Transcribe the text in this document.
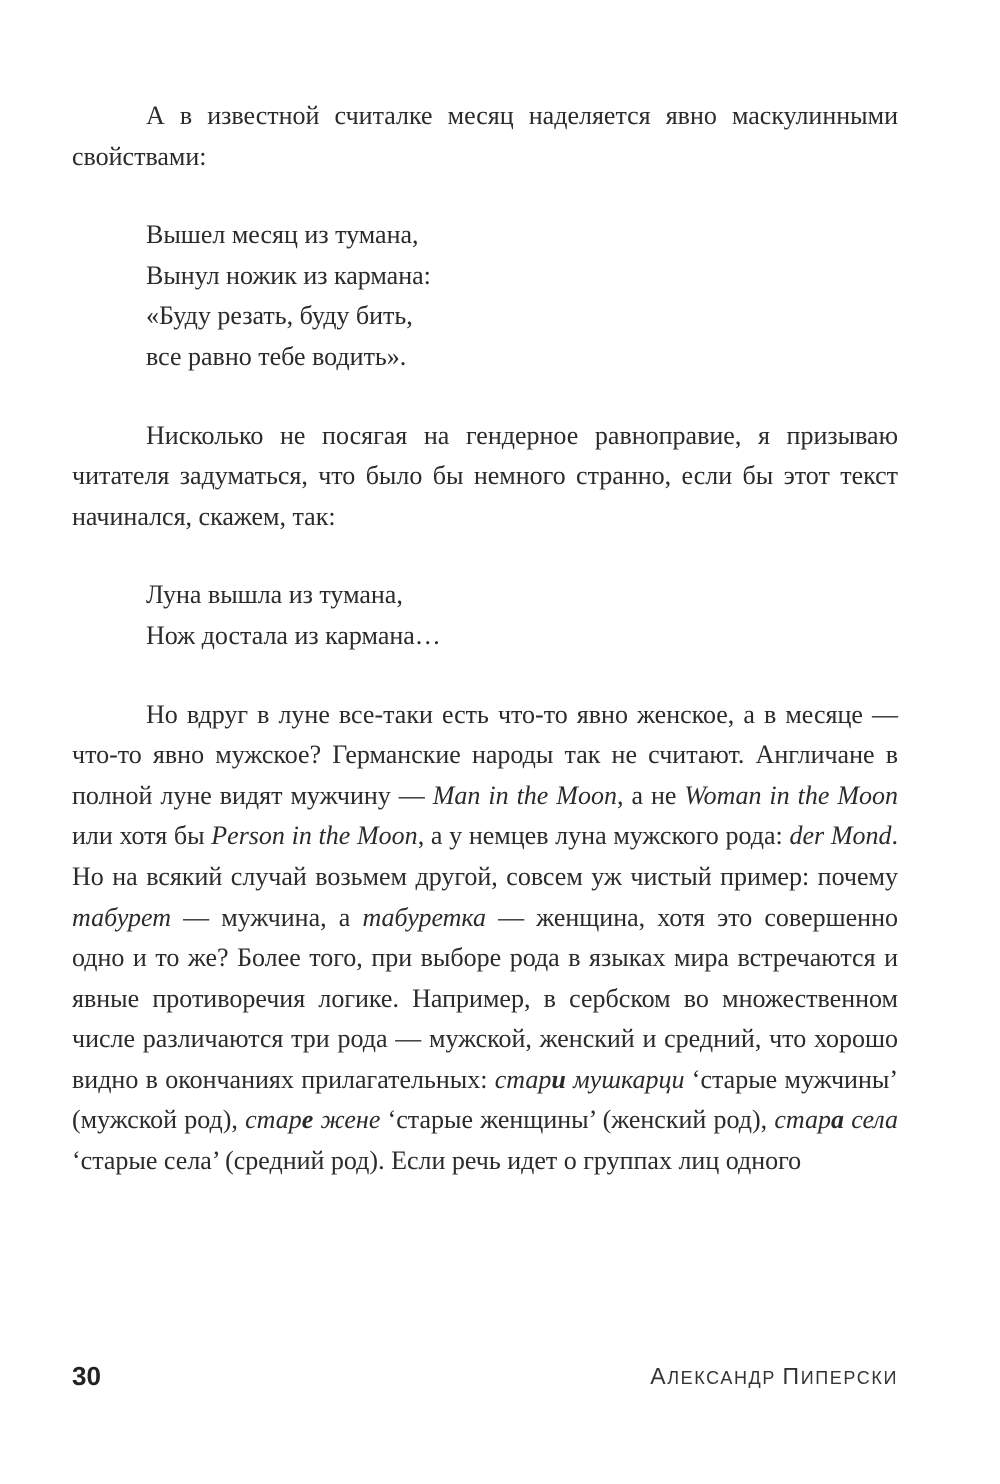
А в известной считалке месяц наделяется явно маскулинными свойствами:

Вышел месяц из тумана,
Вынул ножик из кармана:
«Буду резать, буду бить,
все равно тебе водить».

Нисколько не посягая на гендерное равноправие, я призываю читателя задуматься, что было бы немного странно, если бы этот текст начинался, скажем, так:

Луна вышла из тумана,
Нож достала из кармана…

Но вдруг в луне все-таки есть что-то явно женское, а в месяце — что-то явно мужское? Германские народы так не считают. Англичане в полной луне видят мужчину — Man in the Moon, а не Woman in the Moon или хотя бы Person in the Moon, а у немцев луна мужского рода: der Mond. Но на всякий случай возьмем другой, совсем уж чистый пример: почему табурет — мужчина, а табуретка — женщина, хотя это совершенно одно и то же? Более того, при выборе рода в языках мира встречаются и явные противоречия логике. Например, в сербском во множественном числе различаются три рода — мужской, женский и средний, что хорошо видно в окончаниях прилагательных: стари мушкарци ‘старые мужчины’ (мужской род), старе жене ‘старые женщины’ (женский род), стара села ‘старые села’ (средний род). Если речь идет о группах лиц одного

30	АЛЕКСАНДР ПИПЕРСКИ
